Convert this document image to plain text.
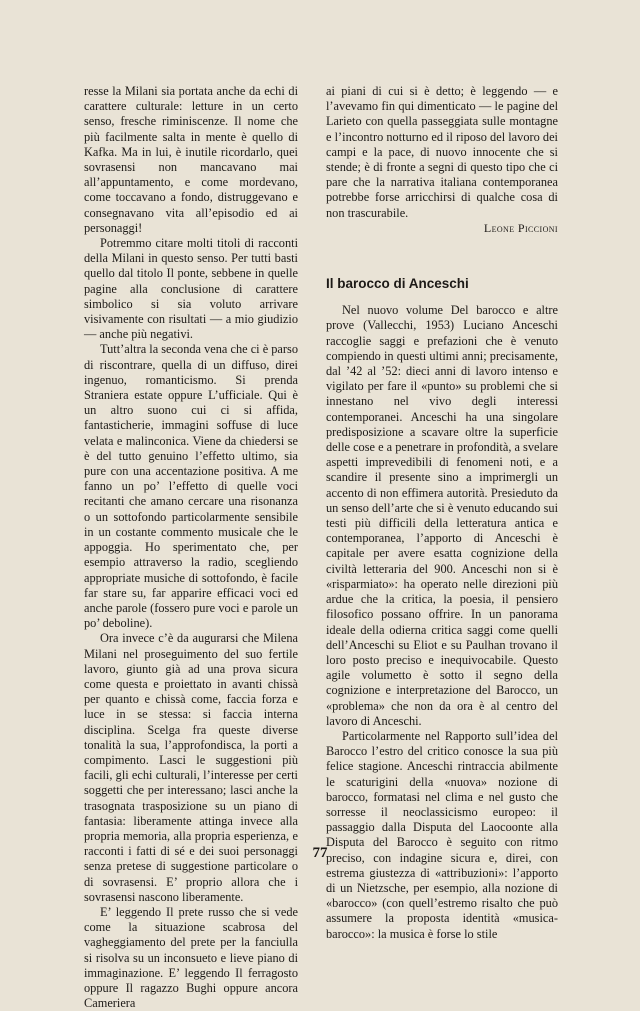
resse la Milani sia portata anche da echi di carattere culturale: letture in un certo senso, fresche riminiscenze. Il nome che più facilmente salta in mente è quello di Kafka. Ma in lui, è inutile ricordarlo, quei sovrasensi non mancavano mai all’appuntamento, e come mordevano, come toccavano a fondo, distruggevano e consegnavano vita all’episodio ed ai personaggi!

Potremmo citare molti titoli di racconti della Milani in questo senso. Per tutti basti quello dal titolo Il ponte, sebbene in quelle pagine alla conclusione di carattere simbolico si sia voluto arrivare visivamente con risultati — a mio giudizio — anche più negativi.

Tutt’altra la seconda vena che ci è parso di riscontrare, quella di un diffuso, direi ingenuo, romanticismo. Si prenda Straniera estate oppure L’ufficiale. Qui è un altro suono cui ci si affida, fantasticherie, immagini soffuse di luce velata e malinconica. Viene da chiedersi se è del tutto genuino l’effetto ultimo, sia pure con una accentazione positiva. A me fanno un po’ l’effetto di quelle voci recitanti che amano cercare una risonanza o un sottofondo particolarmente sensibile in un costante commento musicale che le appoggia. Ho sperimentato che, per esempio attraverso la radio, scegliendo appropriate musiche di sottofondo, è facile far stare su, far apparire efficaci voci ed anche parole (fossero pure voci e parole un po’ deboline).

Ora invece c’è da augurarsi che Milena Milani nel proseguimento del suo fertile lavoro, giunto già ad una prova sicura come questa e proiettato in avanti chissà per quanto e chissà come, faccia forza e luce in se stessa: si faccia interna disciplina. Scelga fra queste diverse tonalità la sua, l’approfondisca, la porti a compimento. Lasci le suggestioni più facili, gli echi culturali, l’interesse per certi soggetti che per interessano; lasci anche la trasognata trasposizione su un piano di fantasia: liberamente attinga invece alla propria memoria, alla propria esperienza, e racconti i fatti di sé e dei suoi personaggi senza pretese di suggestione particolare o di sovrasensi. E’ proprio allora che i sovrasensi nascono liberamente.

E’ leggendo Il prete russo che si vede come la situazione scabrosa del vagheggiamento del prete per la fanciulla si risolva su un inconsueto e lieve piano di immaginazione. E’ leggendo Il ferragosto oppure Il ragazzo Bughi oppure ancora Cameriera

ai piani di cui si è detto; è leggendo — e l’avevamo fin qui dimenticato — le pagine del Larieto con quella passeggiata sulle montagne e l’incontro notturno ed il riposo del lavoro dei campi e la pace, di nuovo innocente che si stende; è di fronte a segni di questo tipo che ci pare che la narrativa italiana contemporanea potrebbe forse arricchirsi di qualche cosa di non trascurabile.

Leone Piccioni

Il barocco di Anceschi

Nel nuovo volume Del barocco e altre prove (Vallecchi, 1953) Luciano Anceschi raccoglie saggi e prefazioni che è venuto compiendo in questi ultimi anni; precisamente, dal ’42 al ’52: dieci anni di lavoro intenso e vigilato per fare il «punto» su problemi che si innestano nel vivo degli interessi contemporanei. Anceschi ha una singolare predisposizione a scavare oltre la superficie delle cose e a penetrare in profondità, a svelare aspetti imprevedibili di fenomeni noti, e a scandire il presente sino a imprimergli un accento di non effimera autorità. Presieduto da un senso dell’arte che si è venuto educando sui testi più difficili della letteratura antica e contemporanea, l’apporto di Anceschi è capitale per avere esatta cognizione della civiltà letteraria del 900. Anceschi non si è «risparmiato»: ha operato nelle direzioni più ardue che la critica, la poesia, il pensiero filosofico possano offrire. In un panorama ideale della odierna critica saggi come quelli dell’Anceschi su Eliot e su Paulhan trovano il loro posto preciso e inequivocabile. Questo agile volumetto è sotto il segno della cognizione e interpretazione del Barocco, un «problema» che non da ora è al centro del lavoro di Anceschi.

Particolarmente nel Rapporto sull’idea del Barocco l’estro del critico conosce la sua più felice stagione. Anceschi rintraccia abilmente le scaturigini della «nuova» nozione di barocco, formatasi nel clima e nel gusto che sorresse il neoclassicismo europeo: il passaggio dalla Disputa del Laocoonte alla Disputa del Barocco è seguito con ritmo preciso, con indagine sicura e, direi, con estrema giustezza di «attribuzioni»: l’apporto di un Nietzsche, per esempio, alla nozione di «barocco» (con quell’estremo risalto che può assumere la proposta identità «musica-barocco»: la musica è forse lo stile

77
